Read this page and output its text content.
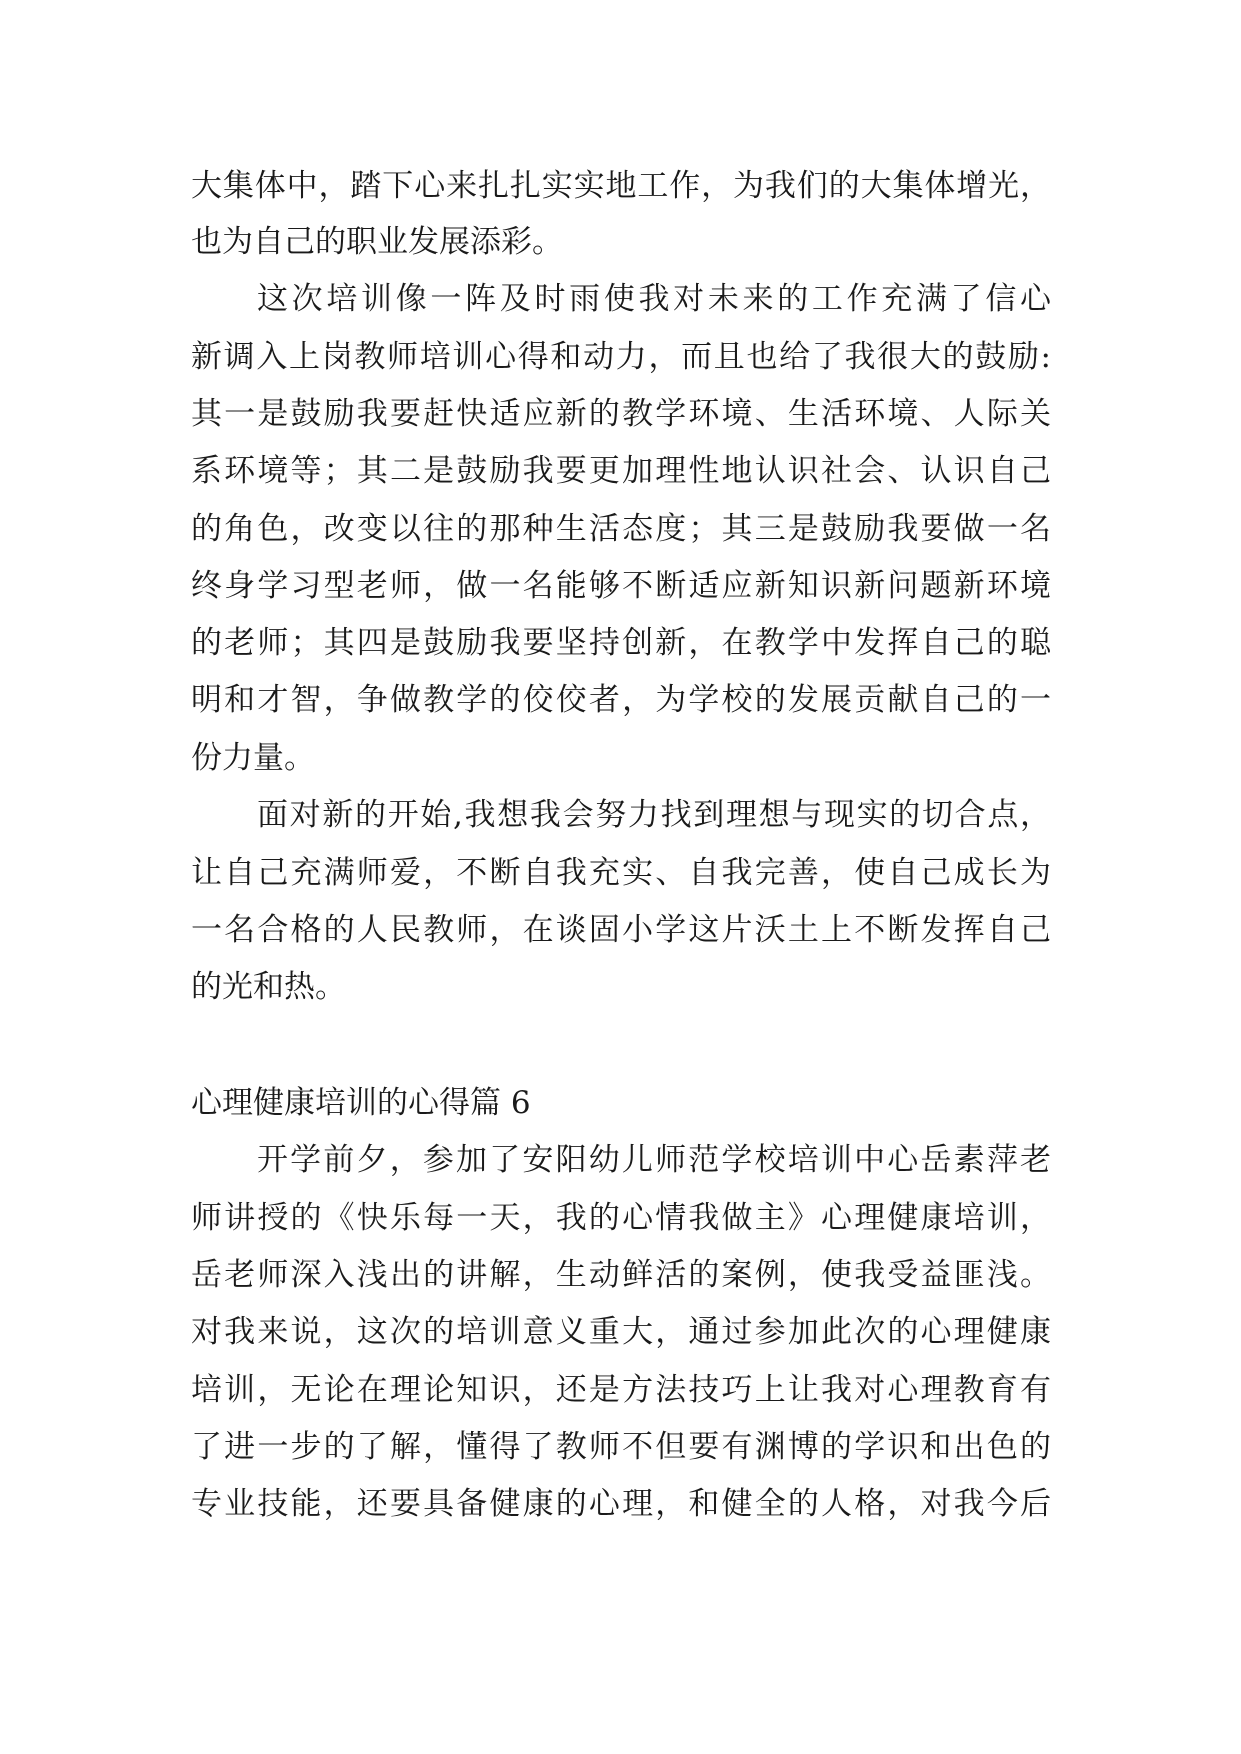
大集体中，踏下心来扎扎实实地工作，为我们的大集体增光，
也为自己的职业发展添彩。
这次培训像一阵及时雨使我对未来的工作充满了信心
新调入上岗教师培训心得和动力，而且也给了我很大的鼓励:
其一是鼓励我要赶快适应新的教学环境、生活环境、人际关
系环境等；其二是鼓励我要更加理性地认识社会、认识自己
的角色，改变以往的那种生活态度；其三是鼓励我要做一名
终身学习型老师，做一名能够不断适应新知识新问题新环境
的老师；其四是鼓励我要坚持创新，在教学中发挥自己的聪
明和才智，争做教学的佼佼者，为学校的发展贡献自己的一
份力量。
面对新的开始,我想我会努力找到理想与现实的切合点，
让自己充满师爱，不断自我充实、自我完善，使自己成长为
一名合格的人民教师，在谈固小学这片沃土上不断发挥自己
的光和热。
心理健康培训的心得篇 6
开学前夕，参加了安阳幼儿师范学校培训中心岳素萍老
师讲授的《快乐每一天，我的心情我做主》心理健康培训，
岳老师深入浅出的讲解，生动鲜活的案例，使我受益匪浅。
对我来说，这次的培训意义重大，通过参加此次的心理健康
培训，无论在理论知识，还是方法技巧上让我对心理教育有
了进一步的了解，懂得了教师不但要有渊博的学识和出色的
专业技能，还要具备健康的心理，和健全的人格，对我今后
